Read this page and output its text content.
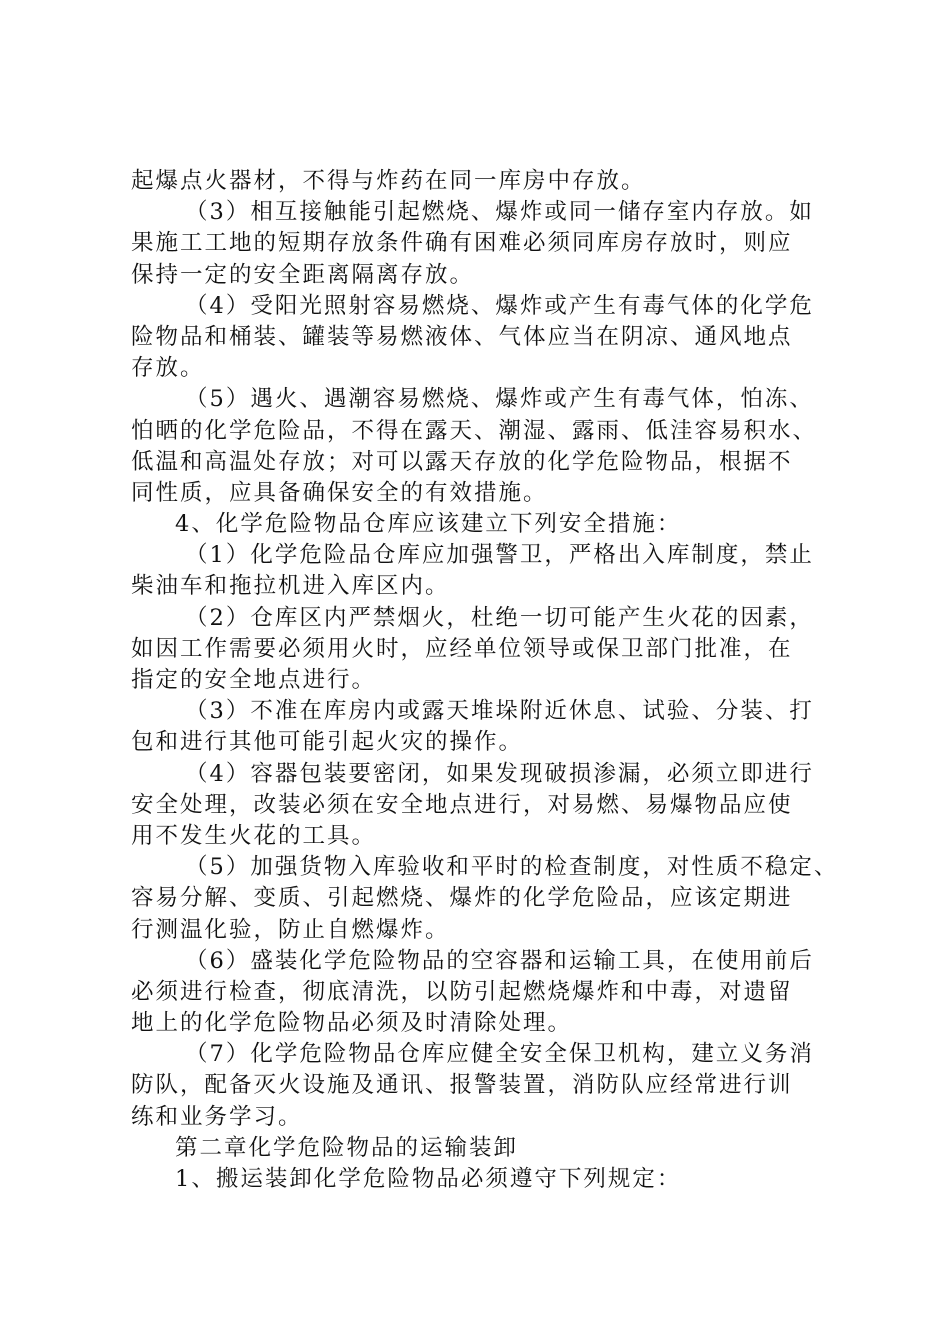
起爆点火器材，不得与炸药在同一库房中存放。
（3）相互接触能引起燃烧、爆炸或同一储存室内存放。如
果施工工地的短期存放条件确有困难必须同库房存放时，则应
保持一定的安全距离隔离存放。
（4）受阳光照射容易燃烧、爆炸或产生有毒气体的化学危
险物品和桶装、罐装等易燃液体、气体应当在阴凉、通风地点
存放。
（5）遇火、遇潮容易燃烧、爆炸或产生有毒气体，怕冻、
怕晒的化学危险品，不得在露天、潮湿、露雨、低洼容易积水、
低温和高温处存放；对可以露天存放的化学危险物品，根据不
同性质，应具备确保安全的有效措施。
4、化学危险物品仓库应该建立下列安全措施：
（1）化学危险品仓库应加强警卫，严格出入库制度，禁止
柴油车和拖拉机进入库区内。
（2）仓库区内严禁烟火，杜绝一切可能产生火花的因素，
如因工作需要必须用火时，应经单位领导或保卫部门批准，在
指定的安全地点进行。
（3）不准在库房内或露天堆垛附近休息、试验、分装、打
包和进行其他可能引起火灾的操作。
（4）容器包装要密闭，如果发现破损渗漏，必须立即进行
安全处理，改装必须在安全地点进行，对易燃、易爆物品应使
用不发生火花的工具。
（5）加强货物入库验收和平时的检查制度，对性质不稳定、
容易分解、变质、引起燃烧、爆炸的化学危险品，应该定期进
行测温化验，防止自燃爆炸。
（6）盛装化学危险物品的空容器和运输工具，在使用前后
必须进行检查，彻底清洗，以防引起燃烧爆炸和中毒，对遗留
地上的化学危险物品必须及时清除处理。
（7）化学危险物品仓库应健全安全保卫机构，建立义务消
防队，配备灭火设施及通讯、报警装置，消防队应经常进行训
练和业务学习。
第二章化学危险物品的运输装卸
1、搬运装卸化学危险物品必须遵守下列规定：
